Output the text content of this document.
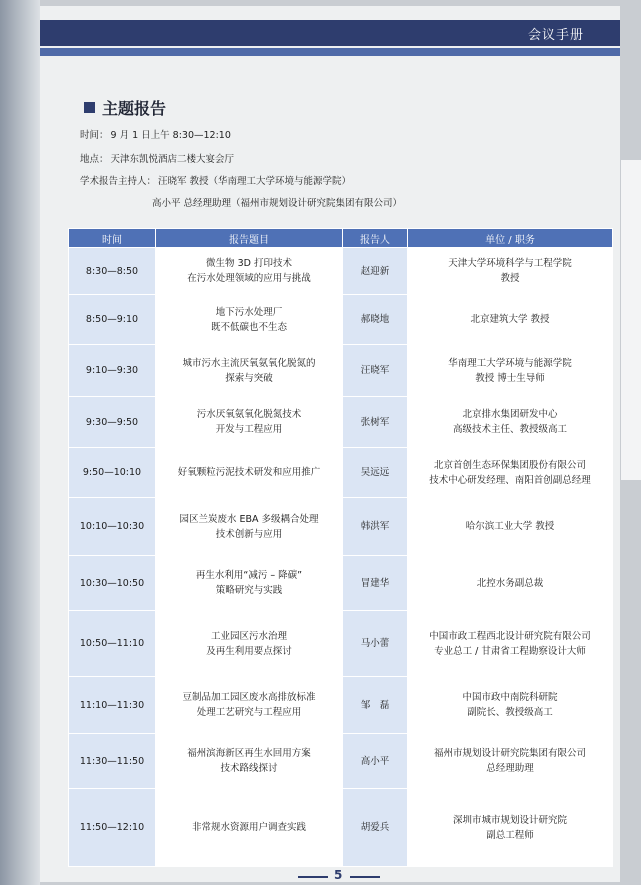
会议手册
主题报告
时间： 9 月 1 日上午 8:30—12:10
地点： 天津东凯悦酒店二楼大宴会厅
学术报告主持人： 汪晓军 教授（华南理工大学环境与能源学院）
高小平 总经理助理（福州市规划设计研究院集团有限公司）
时间	报告题目	报告人	单位 / 职务
8:30—8:50	微生物 3D 打印技术
在污水处理领域的应用与挑战	赵迎新	天津大学环境科学与工程学院
教授

8:50—9:10	地下污水处理厂
既不低碳也不生态	郝晓地	北京建筑大学 教授

9:10—9:30	城市污水主流厌氧氨氧化脱氮的
探索与突破	汪晓军	华南理工大学环境与能源学院
教授 博士生导师

9:30—9:50	污水厌氧氨氧化脱氮技术
开发与工程应用	张树军	北京排水集团研发中心
高级技术主任、教授级高工

9:50—10:10	好氧颗粒污泥技术研发和应用推广	吴远远	北京首创生态环保集团股份有限公司
技术中心研发经理、南阳首创副总经理

10:10—10:30	园区兰炭废水 EBA 多级耦合处理
技术创新与应用	韩洪军	哈尔滨工业大学 教授

10:30—10:50	再生水利用“减污 – 降碳”
策略研究与实践	冒建华	北控水务副总裁

10:50—11:10	工业园区污水治理
及再生利用要点探讨	马小蕾	中国市政工程西北设计研究院有限公司
专业总工 / 甘肃省工程勘察设计大师

11:10—11:30	豆制品加工园区废水高排放标准
处理工艺研究与工程应用	邹　磊	中国市政中南院科研院
副院长、教授级高工

11:30—11:50	福州滨海新区再生水回用方案
技术路线探讨	高小平	福州市规划设计研究院集团有限公司
总经理助理

11:50—12:10	非常规水资源用户调查实践	胡爱兵	深圳市城市规划设计研究院
副总工程师
5
